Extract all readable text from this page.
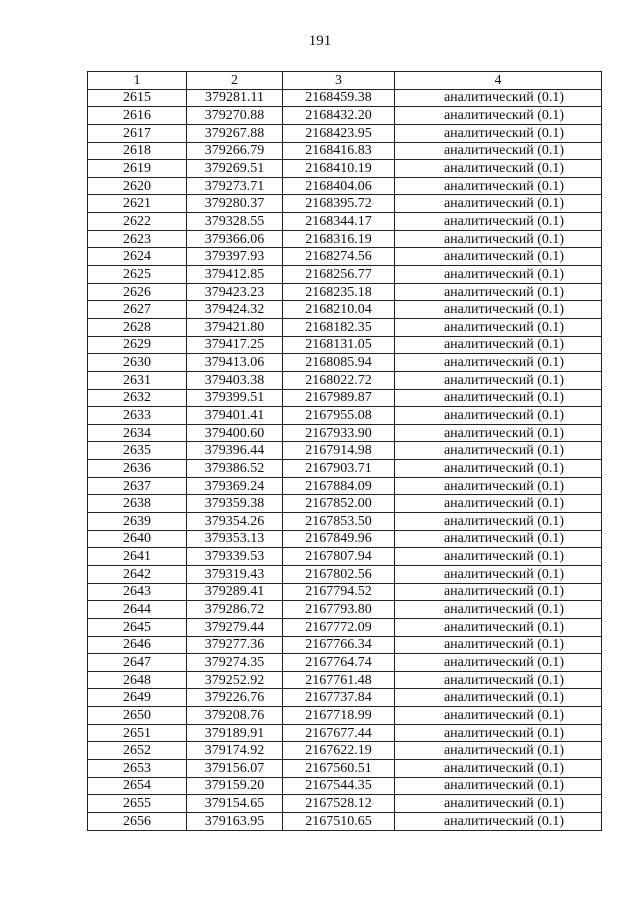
191
1	2	3	4
2615	379281.11	2168459.38	аналитический (0.1)
2616	379270.88	2168432.20	аналитический (0.1)
2617	379267.88	2168423.95	аналитический (0.1)
2618	379266.79	2168416.83	аналитический (0.1)
2619	379269.51	2168410.19	аналитический (0.1)
2620	379273.71	2168404.06	аналитический (0.1)
2621	379280.37	2168395.72	аналитический (0.1)
2622	379328.55	2168344.17	аналитический (0.1)
2623	379366.06	2168316.19	аналитический (0.1)
2624	379397.93	2168274.56	аналитический (0.1)
2625	379412.85	2168256.77	аналитический (0.1)
2626	379423.23	2168235.18	аналитический (0.1)
2627	379424.32	2168210.04	аналитический (0.1)
2628	379421.80	2168182.35	аналитический (0.1)
2629	379417.25	2168131.05	аналитический (0.1)
2630	379413.06	2168085.94	аналитический (0.1)
2631	379403.38	2168022.72	аналитический (0.1)
2632	379399.51	2167989.87	аналитический (0.1)
2633	379401.41	2167955.08	аналитический (0.1)
2634	379400.60	2167933.90	аналитический (0.1)
2635	379396.44	2167914.98	аналитический (0.1)
2636	379386.52	2167903.71	аналитический (0.1)
2637	379369.24	2167884.09	аналитический (0.1)
2638	379359.38	2167852.00	аналитический (0.1)
2639	379354.26	2167853.50	аналитический (0.1)
2640	379353.13	2167849.96	аналитический (0.1)
2641	379339.53	2167807.94	аналитический (0.1)
2642	379319.43	2167802.56	аналитический (0.1)
2643	379289.41	2167794.52	аналитический (0.1)
2644	379286.72	2167793.80	аналитический (0.1)
2645	379279.44	2167772.09	аналитический (0.1)
2646	379277.36	2167766.34	аналитический (0.1)
2647	379274.35	2167764.74	аналитический (0.1)
2648	379252.92	2167761.48	аналитический (0.1)
2649	379226.76	2167737.84	аналитический (0.1)
2650	379208.76	2167718.99	аналитический (0.1)
2651	379189.91	2167677.44	аналитический (0.1)
2652	379174.92	2167622.19	аналитический (0.1)
2653	379156.07	2167560.51	аналитический (0.1)
2654	379159.20	2167544.35	аналитический (0.1)
2655	379154.65	2167528.12	аналитический (0.1)
2656	379163.95	2167510.65	аналитический (0.1)
